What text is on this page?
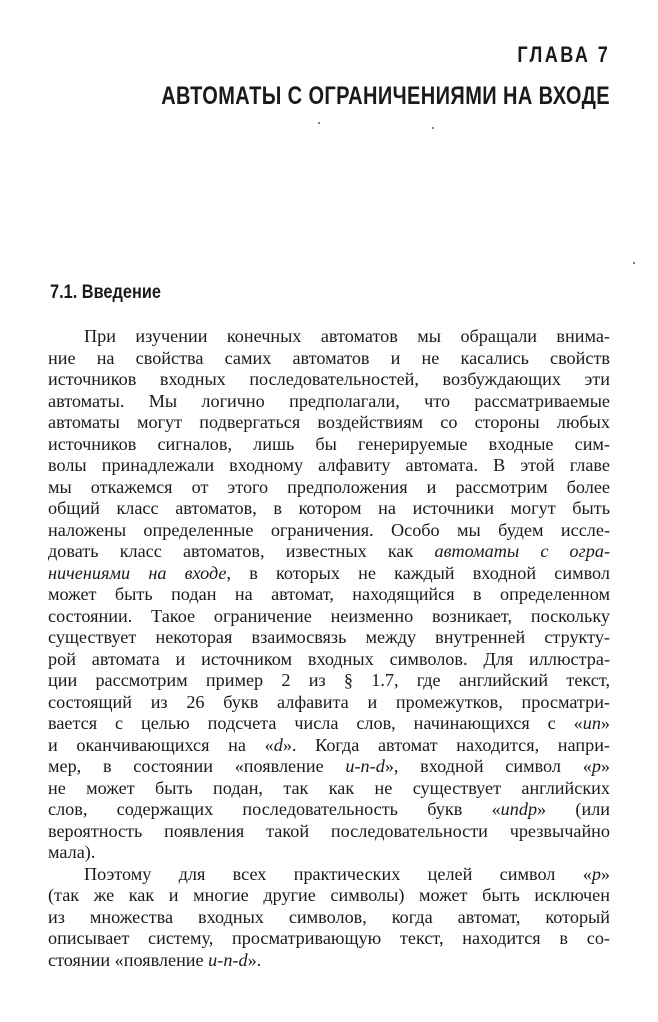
ГЛАВА 7
АВТОМАТЫ С ОГРАНИЧЕНИЯМИ НА ВХОДЕ
7.1. Введение
При изучении конечных автоматов мы обращали внима-
ние на свойства самих автоматов и не касались свойств
источников входных последовательностей, возбуждающих эти
автоматы. Мы логично предполагали, что рассматриваемые
автоматы могут подвергаться воздействиям со стороны любых
источников сигналов, лишь бы генерируемые входные сим-
волы принадлежали входному алфавиту автомата. В этой главе
мы откажемся от этого предположения и рассмотрим более
общий класс автоматов, в котором на источники могут быть
наложены определенные ограничения. Особо мы будем иссле-
довать класс автоматов, известных как автоматы с огра-
ничениями на входе, в которых не каждый входной символ
может быть подан на автомат, находящийся в определенном
состоянии. Такое ограничение неизменно возникает, поскольку
существует некоторая взаимосвязь между внутренней структу-
рой автомата и источником входных символов. Для иллюстра-
ции рассмотрим пример 2 из § 1.7, где английский текст,
состоящий из 26 букв алфавита и промежутков, просматри-
вается с целью подсчета числа слов, начинающихся с «ип»
и оканчивающихся на «d». Когда автомат находится, напри-
мер, в состоянии «появление u-n-d», входной символ «p»
не может быть подан, так как не существует английских
слов, содержащих последовательность букв «undp» (или
вероятность появления такой последовательности чрезвычайно
мала).
Поэтому для всех практических целей символ «p»
(так же как и многие другие символы) может быть исключен
из множества входных символов, когда автомат, который
описывает систему, просматривающую текст, находится в со-
стоянии «появление u-n-d».
